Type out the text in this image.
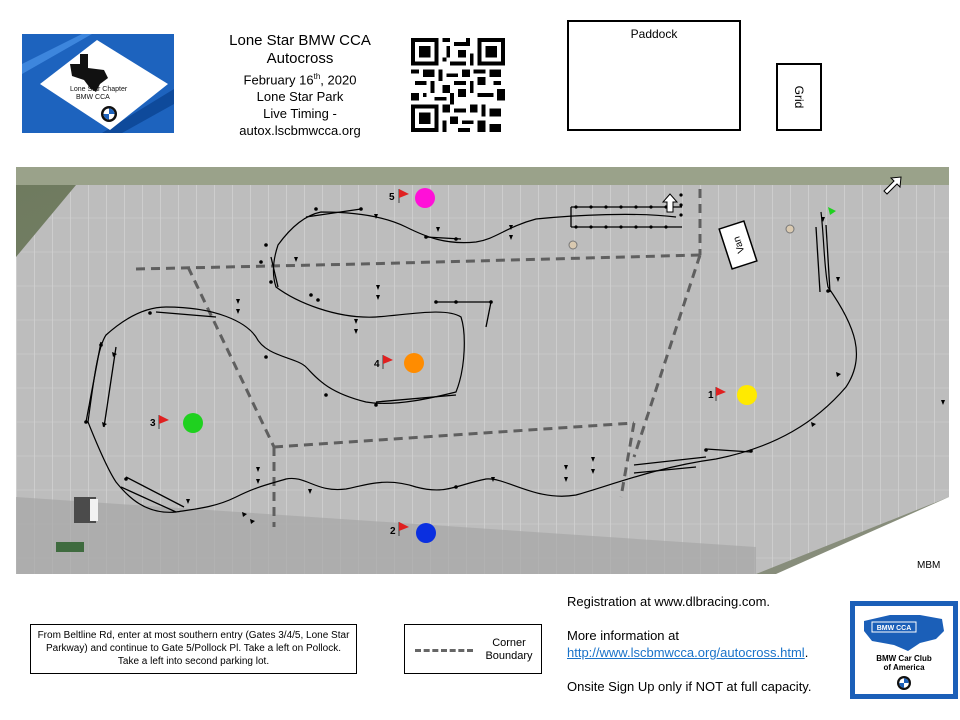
Lone Star Chapter
BMW CCA
Lone Star BMW CCA
Autocross
February 16th, 2020
Lone Star Park
Live Timing -
autox.lscbmwcca.org
Paddock
Grid
Van
1
2
3
4
5
MBM
From Beltline Rd, enter at most southern entry (Gates 3/4/5, Lone Star Parkway) and continue to Gate 5/Pollock Pl. Take a left on Pollock. Take a left into second parking lot.
Corner
Boundary

Registration at www.dlbracing.com.

More information at
http://www.lscbmwcca.org/autocross.html.

Onsite Sign Up only if NOT at full capacity.

BMW CCA
BMW Car Club
of America
